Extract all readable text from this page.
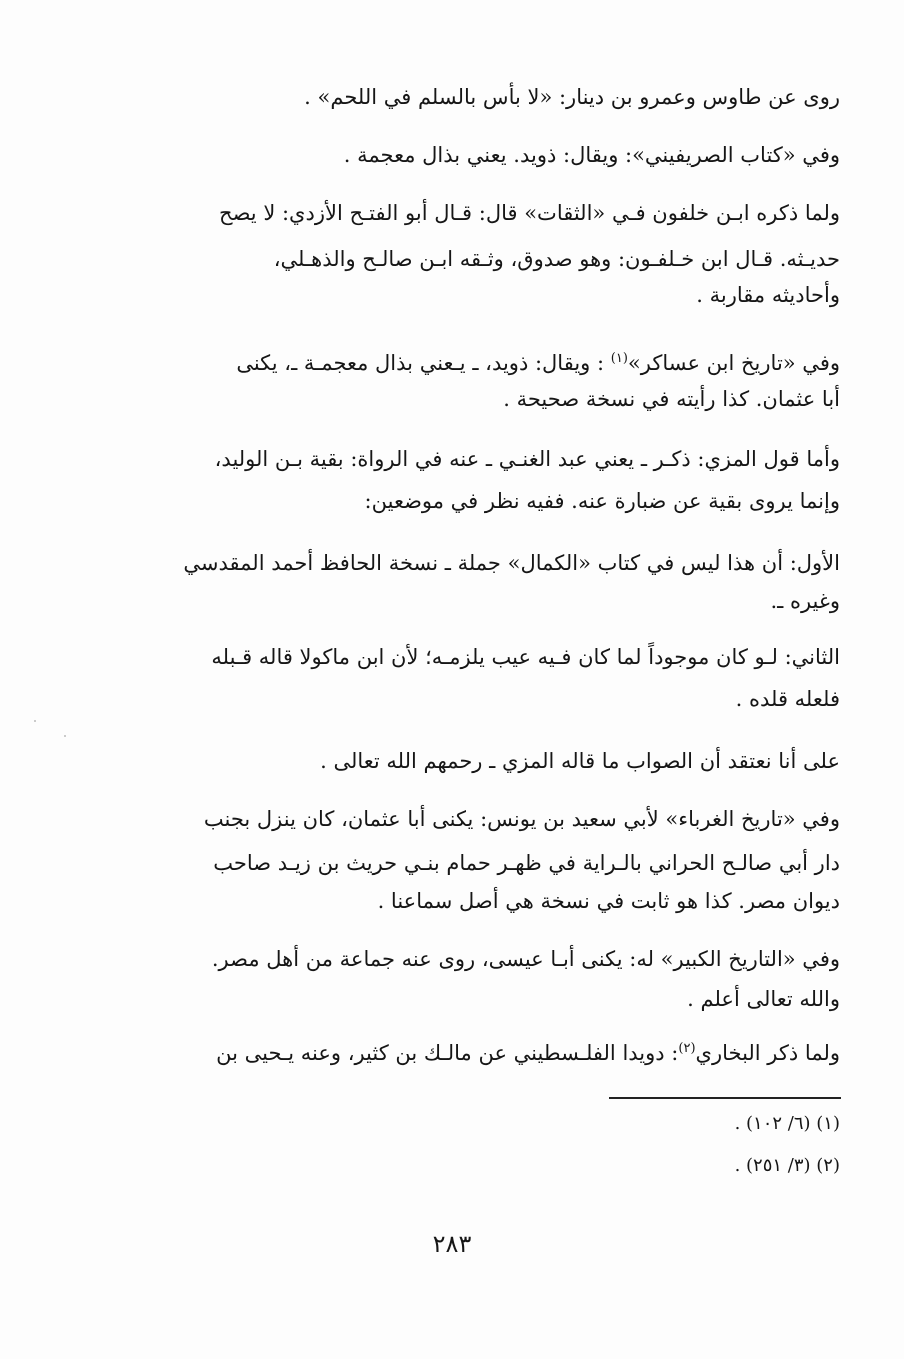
روى عن طاوس وعمرو بن دينار: «لا بأس بالسلم في اللحم» .
وفي «كتاب الصريفيني»: ويقال: ذويد. يعني بذال معجمة .
ولما ذكره ابـن خلفون فـي «الثقات» قال: قـال أبو الفتـح الأزدي: لا يصح
حديـثه. قـال ابن خـلفـون: وهو صدوق، وثـقه ابـن صالـح والذهـلي،
وأحاديثه مقاربة .
وفي «تاريخ ابن عساكر»$^{(١)}$ : ويقال: ذويد، ـ يـعني بذال معجمـة ـ، يكنى
أبا عثمان. كذا رأيته في نسخة صحيحة .
وأما قول المزي: ذكـر ـ يعني عبد الغنـي ـ عنه في الرواة: بقية بـن الوليد،
وإنما يروى بقية عن ضبارة عنه. ففيه نظر في موضعين:
الأول: أن هذا ليس في كتاب «الكمال» جملة ـ نسخة الحافظ أحمد المقدسي
وغيره ـ.
الثاني: لـو كان موجوداً لما كان فـيه عيب يلزمـه؛ لأن ابن ماكولا قاله قـبله
فلعله قلده .
على أنا نعتقد أن الصواب ما قاله المزي ـ رحمهم الله تعالى .
وفي «تاريخ الغرباء» لأبي سعيد بن يونس: يكنى أبا عثمان، كان ينزل بجنب
دار أبي صالـح الحراني بالـراية في ظهـر حمام بنـي حريث بن زيـد صاحب
ديوان مصر. كذا هو ثابت في نسخة هي أصل سماعنا .
وفي «التاريخ الكبير» له: يكنى أبـا عيسى، روى عنه جماعة من أهل مصر.
والله تعالى أعلم .
ولما ذكر البخاري$^{(٢)}$: دويدا الفلـسطيني عن مالـك بن كثير، وعنه يـحيى بن
(١) (٦/ ١٠٢) .
(٢) (٣/ ٢٥١) .
٢٨٣
